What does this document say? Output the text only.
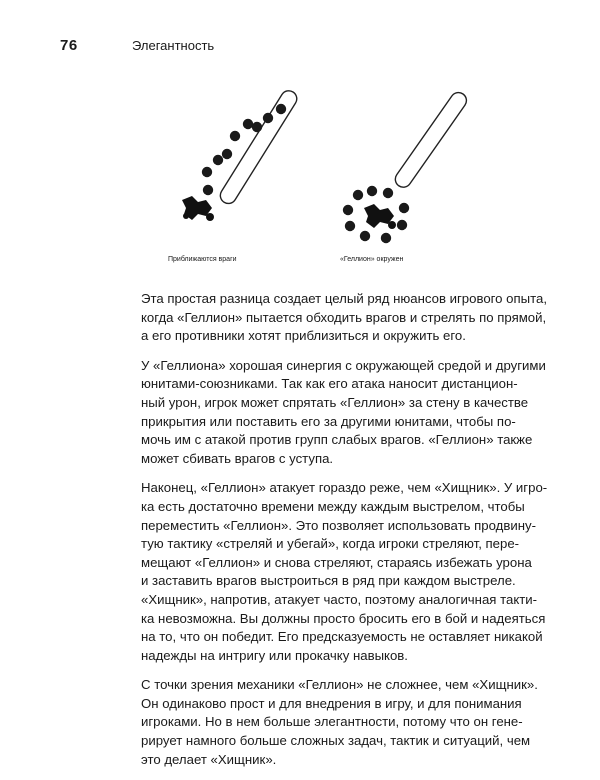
76	Элегантность
Приближаются враги	«Геллион» окружен

Эта простая разница создает целый ряд нюансов игрового опыта,
когда «Геллион» пытается обходить врагов и стрелять по прямой,
а его противники хотят приблизиться и окружить его.

У «Геллиона» хорошая синергия с окружающей средой и другими
юнитами-союзниками. Так как его атака наносит дистанцион-
ный урон, игрок может спрятать «Геллион» за стену в качестве
прикрытия или поставить его за другими юнитами, чтобы по-
мочь им с атакой против групп слабых врагов. «Геллион» также
может сбивать врагов с уступа.

Наконец, «Геллион» атакует гораздо реже, чем «Хищник». У игро-
ка есть достаточно времени между каждым выстрелом, чтобы
переместить «Геллион». Это позволяет использовать продвину-
тую тактику «стреляй и убегай», когда игроки стреляют, пере-
мещают «Геллион» и снова стреляют, стараясь избежать урона
и заставить врагов выстроиться в ряд при каждом выстреле.
«Хищник», напротив, атакует часто, поэтому аналогичная такти-
ка невозможна. Вы должны просто бросить его в бой и надеяться
на то, что он победит. Его предсказуемость не оставляет никакой
надежды на интригу или прокачку навыков.

С точки зрения механики «Геллион» не сложнее, чем «Хищник».
Он одинаково прост и для внедрения в игру, и для понимания
игроками. Но в нем больше элегантности, потому что он гене-
рирует намного больше сложных задач, тактик и ситуаций, чем
это делает «Хищник».
